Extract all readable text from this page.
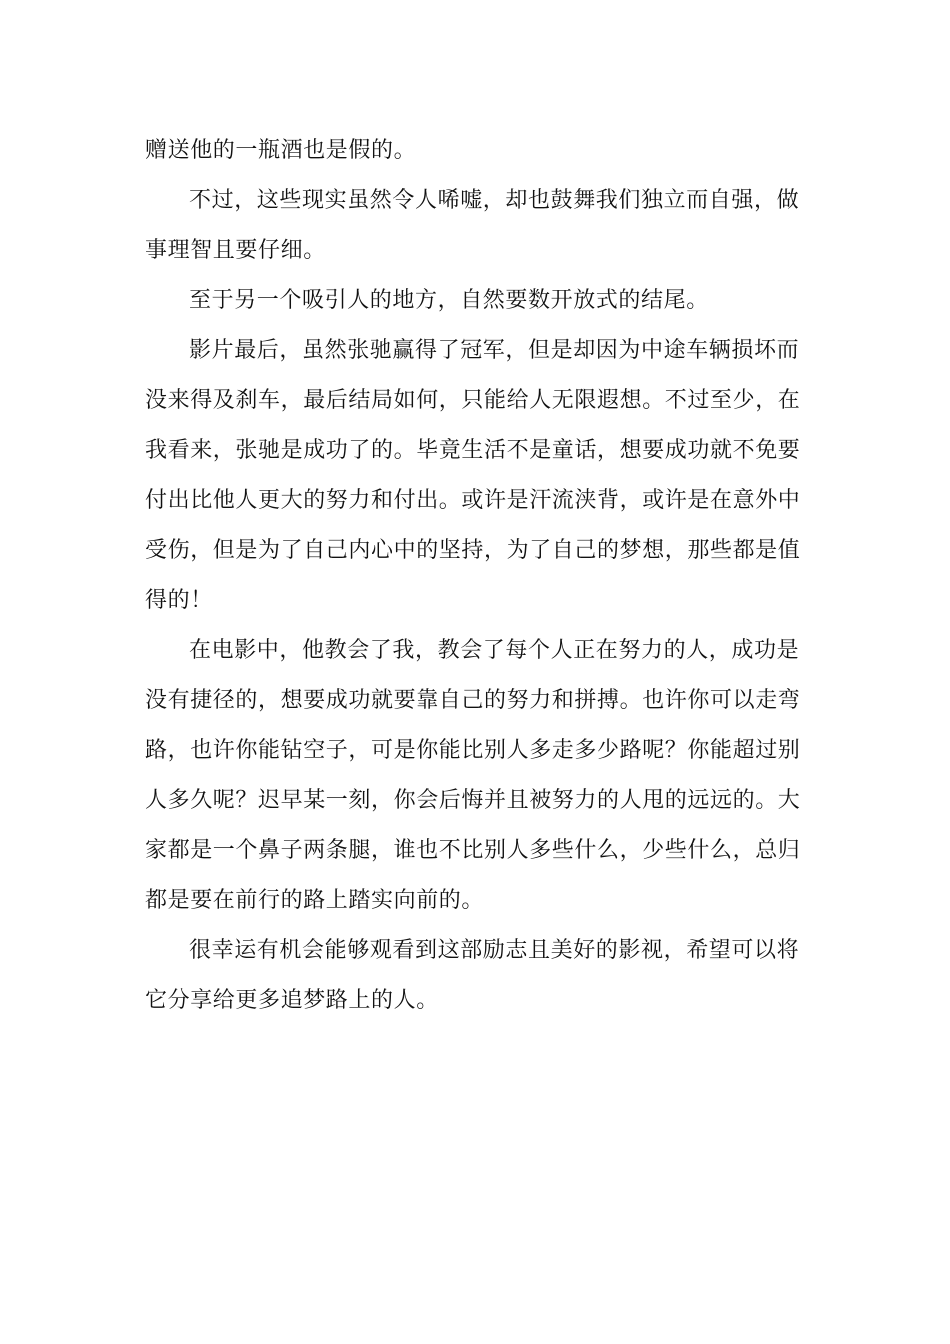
赠送他的一瓶酒也是假的。

不过，这些现实虽然令人唏嘘，却也鼓舞我们独立而自强，做
事理智且要仔细。

至于另一个吸引人的地方，自然要数开放式的结尾。

影片最后，虽然张驰赢得了冠军，但是却因为中途车辆损坏而
没来得及刹车，最后结局如何，只能给人无限遐想。不过至少，在
我看来，张驰是成功了的。毕竟生活不是童话，想要成功就不免要
付出比他人更大的努力和付出。或许是汗流浃背，或许是在意外中
受伤，但是为了自己内心中的坚持，为了自己的梦想，那些都是值
得的！

在电影中，他教会了我，教会了每个人正在努力的人，成功是
没有捷径的，想要成功就要靠自己的努力和拼搏。也许你可以走弯
路，也许你能钻空子，可是你能比别人多走多少路呢？你能超过别
人多久呢？迟早某一刻，你会后悔并且被努力的人甩的远远的。大
家都是一个鼻子两条腿，谁也不比别人多些什么，少些什么，总归
都是要在前行的路上踏实向前的。

很幸运有机会能够观看到这部励志且美好的影视，希望可以将
它分享给更多追梦路上的人。
